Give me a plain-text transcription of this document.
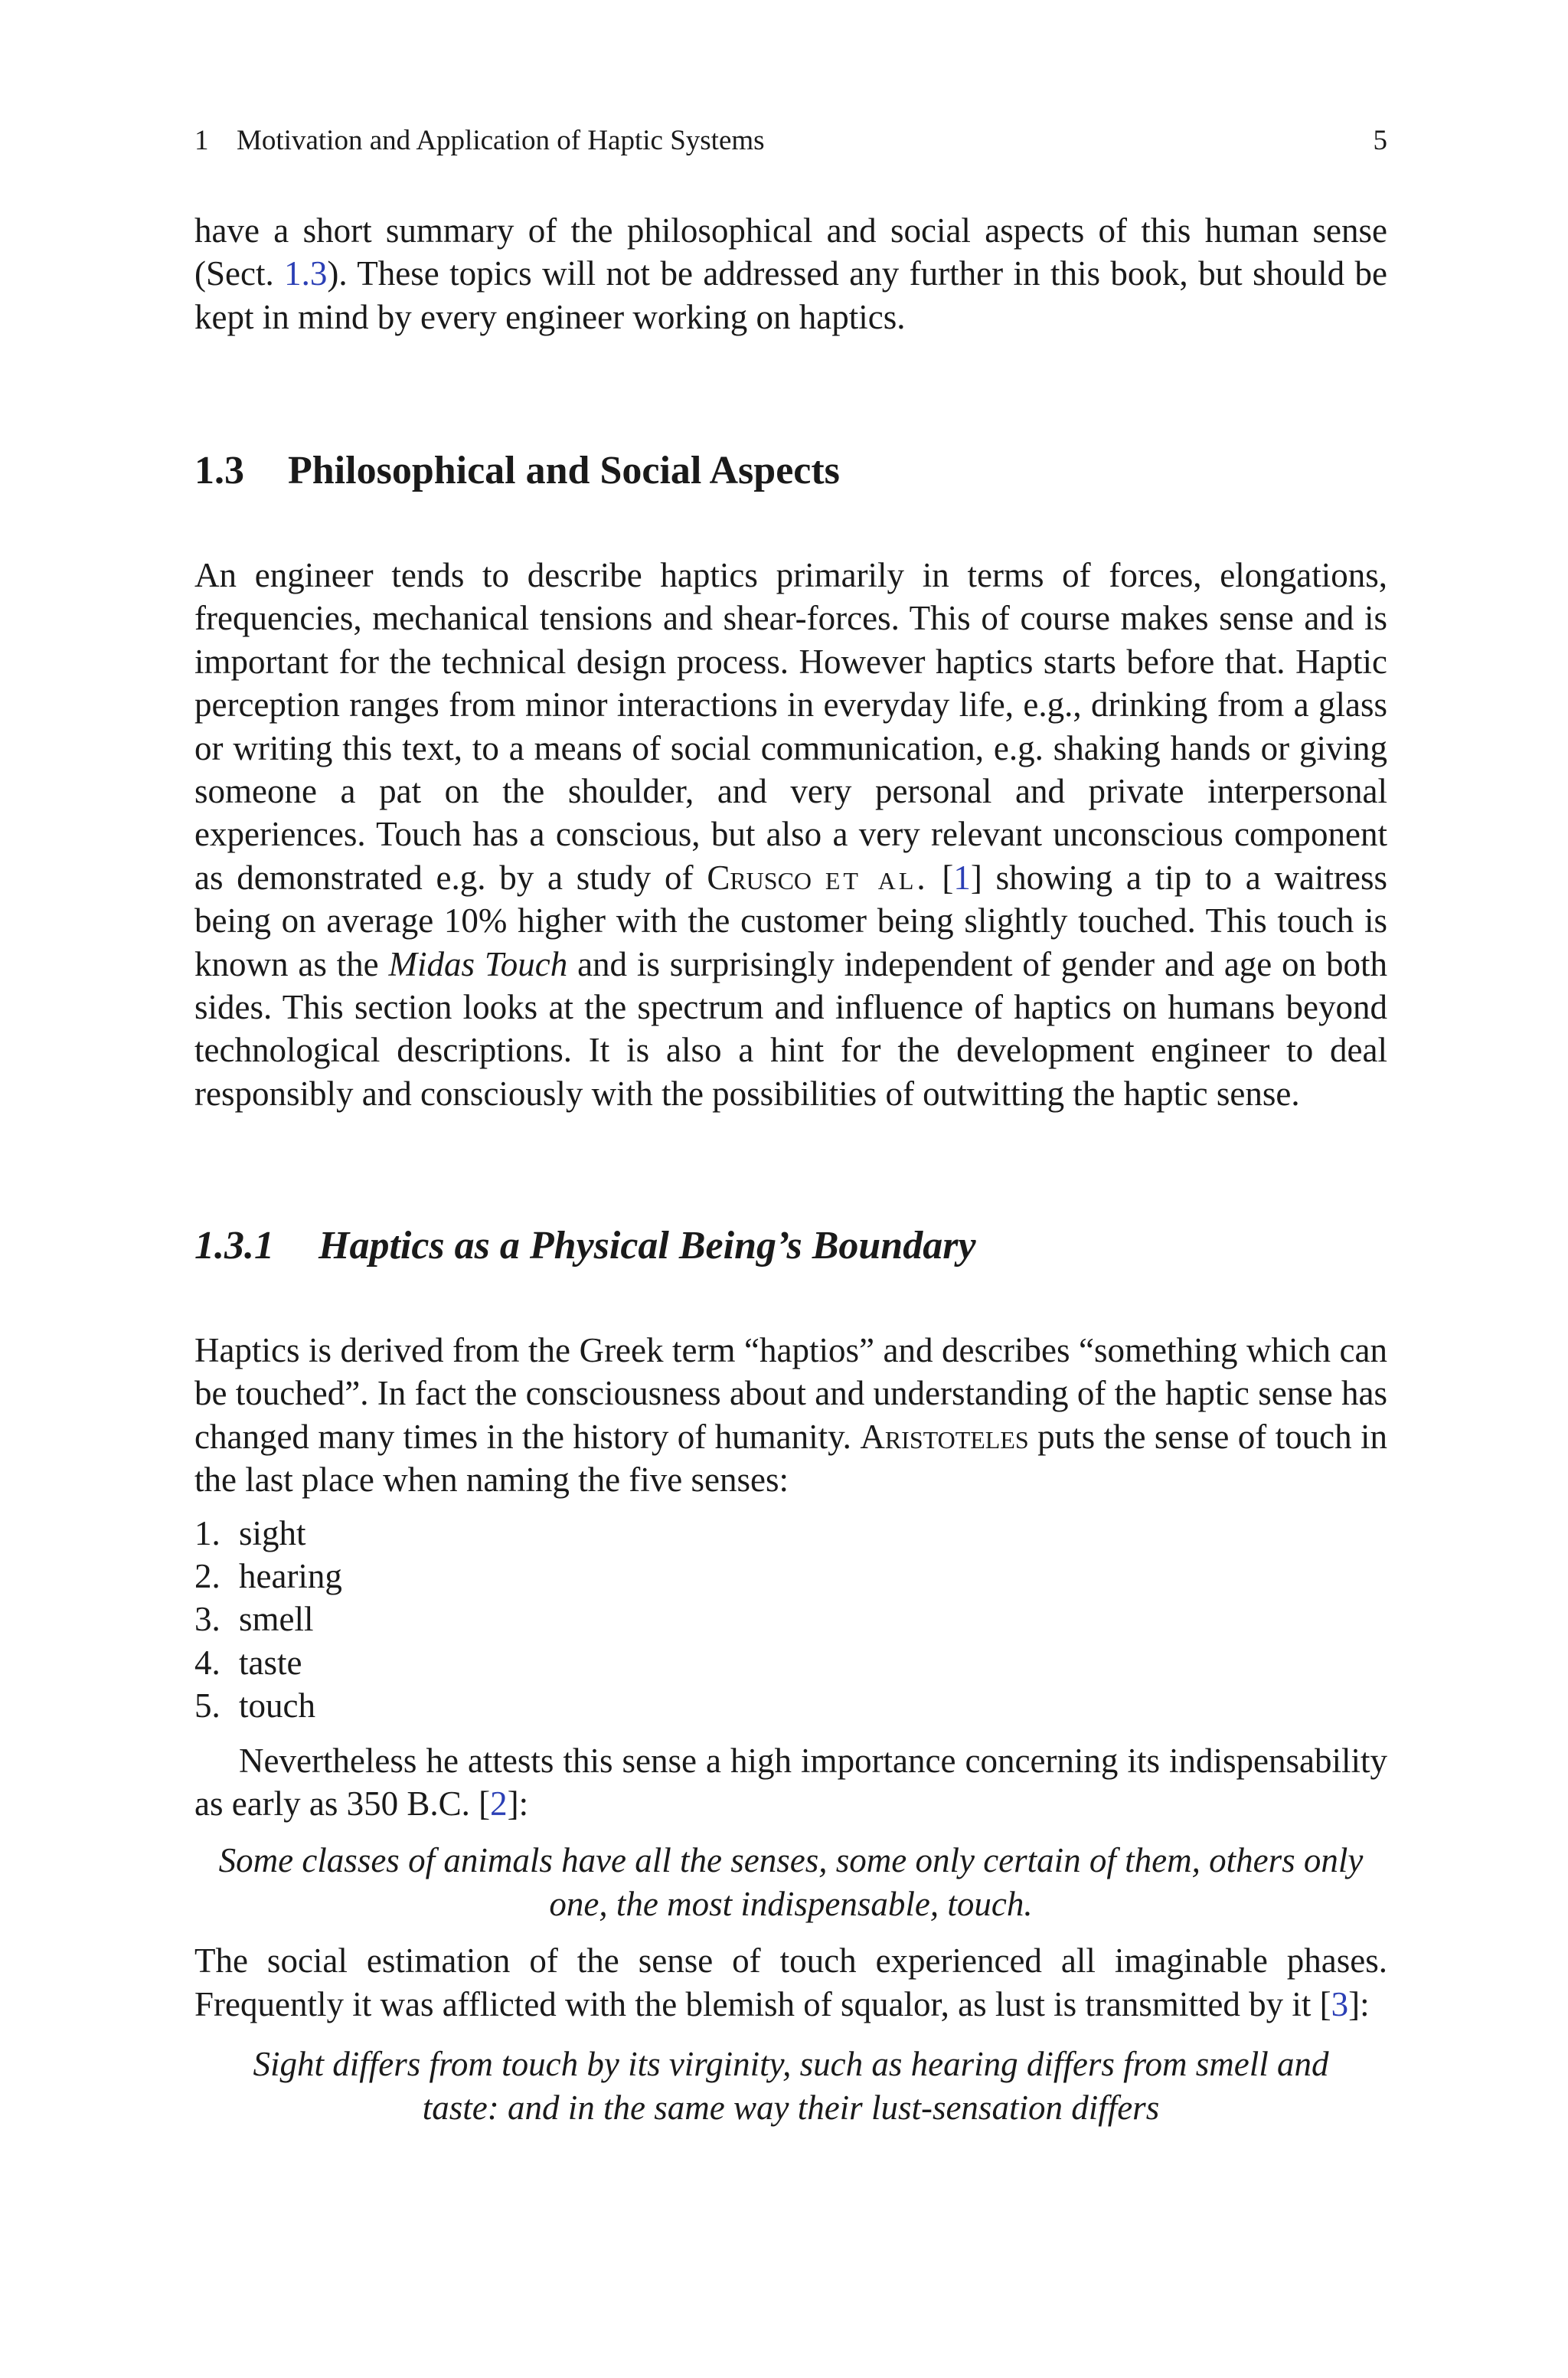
1 Motivation and Application of Haptic Systems	5

have a short summary of the philosophical and social aspects of this human sense (Sect. 1.3). These topics will not be addressed any further in this book, but should be kept in mind by every engineer working on haptics.

1.3 Philosophical and Social Aspects

An engineer tends to describe haptics primarily in terms of forces, elongations, frequencies, mechanical tensions and shear-forces. This of course makes sense and is important for the technical design process. However haptics starts before that. Haptic perception ranges from minor interactions in everyday life, e.g., drinking from a glass or writing this text, to a means of social communication, e.g. shaking hands or giving someone a pat on the shoulder, and very personal and private interpersonal experiences. Touch has a conscious, but also a very relevant unconscious component as demonstrated e.g. by a study of Crusco et al. [1] showing a tip to a waitress being on average 10% higher with the customer being slightly touched. This touch is known as the Midas Touch and is surprisingly independent of gender and age on both sides. This section looks at the spectrum and influence of haptics on humans beyond technological descriptions. It is also a hint for the development engineer to deal responsibly and consciously with the possibilities of outwitting the haptic sense.

1.3.1 Haptics as a Physical Being’s Boundary

Haptics is derived from the Greek term “haptios” and describes “something which can be touched”. In fact the consciousness about and understanding of the haptic sense has changed many times in the history of humanity. Aristoteles puts the sense of touch in the last place when naming the five senses:

1. sight
2. hearing
3. smell
4. taste
5. touch

Nevertheless he attests this sense a high importance concerning its indispensability as early as 350 B.C. [2]:

Some classes of animals have all the senses, some only certain of them, others only one, the most indispensable, touch.

The social estimation of the sense of touch experienced all imaginable phases. Frequently it was afflicted with the blemish of squalor, as lust is transmitted by it [3]:

Sight differs from touch by its virginity, such as hearing differs from smell and taste: and in the same way their lust-sensation differs
